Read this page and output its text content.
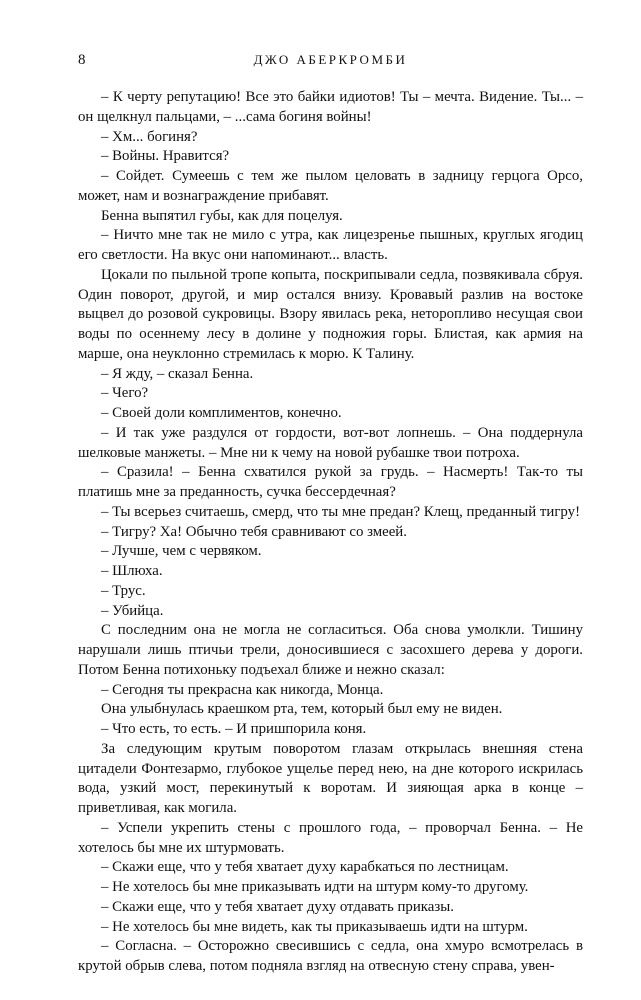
8	ДЖО АБЕРКРОМБИ

– К черту репутацию! Все это байки идиотов! Ты – мечта. Видение. Ты... – он щелкнул пальцами, – ...сама богиня войны!

– Хм... богиня?

– Войны. Нравится?

– Сойдет. Сумеешь с тем же пылом целовать в задницу герцога Орсо, может, нам и вознаграждение прибавят.

Бенна выпятил губы, как для поцелуя.

– Ничто мне так не мило с утра, как лицезренье пышных, круглых ягодиц его светлости. На вкус они напоминают... власть.

Цокали по пыльной тропе копыта, поскрипывали седла, позвякивала сбруя. Один поворот, другой, и мир остался внизу. Кровавый разлив на востоке выцвел до розовой сукровицы. Взору явилась река, неторопливо несущая свои воды по осеннему лесу в долине у подножия горы. Блистая, как армия на марше, она неуклонно стремилась к морю. К Талину.

– Я жду, – сказал Бенна.

– Чего?

– Своей доли комплиментов, конечно.

– И так уже раздулся от гордости, вот-вот лопнешь. – Она поддернула шелковые манжеты. – Мне ни к чему на новой рубашке твои потроха.

– Сразила! – Бенна схватился рукой за грудь. – Насмерть! Так-то ты платишь мне за преданность, сучка бессердечная?

– Ты всерьез считаешь, смерд, что ты мне предан? Клещ, преданный тигру!

– Тигру? Ха! Обычно тебя сравнивают со змеей.

– Лучше, чем с червяком.

– Шлюха.

– Трус.

– Убийца.

С последним она не могла не согласиться. Оба снова умолкли. Тишину нарушали лишь птичьи трели, доносившиеся с засохшего дерева у дороги. Потом Бенна потихоньку подъехал ближе и нежно сказал:

– Сегодня ты прекрасна как никогда, Монца.

Она улыбнулась краешком рта, тем, который был ему не виден.

– Что есть, то есть. – И пришпорила коня.

За следующим крутым поворотом глазам открылась внешняя стена цитадели Фонтезармо, глубокое ущелье перед нею, на дне которого искрилась вода, узкий мост, перекинутый к воротам. И зияющая арка в конце – приветливая, как могила.

– Успели укрепить стены с прошлого года, – проворчал Бенна. – Не хотелось бы мне их штурмовать.

– Скажи еще, что у тебя хватает духу карабкаться по лестницам.

– Не хотелось бы мне приказывать идти на штурм кому-то другому.

– Скажи еще, что у тебя хватает духу отдавать приказы.

– Не хотелось бы мне видеть, как ты приказываешь идти на штурм.

– Согласна. – Осторожно свесившись с седла, она хмуро всмотрелась в крутой обрыв слева, потом подняла взгляд на отвесную стену справа, увен-
